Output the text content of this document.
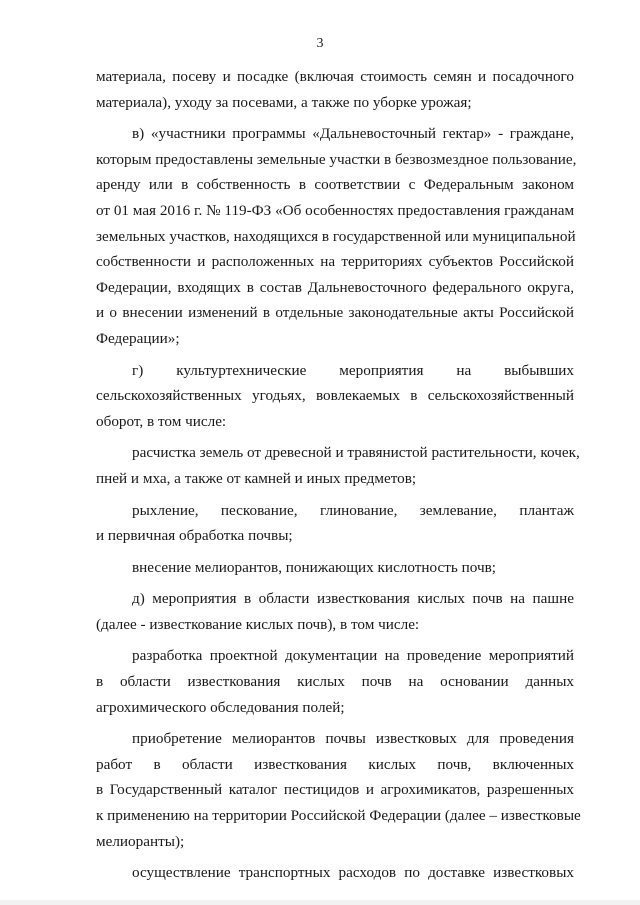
3
материала, посеву и посадке (включая стоимость семян и посадочного
материала), уходу за посевами, а также по уборке урожая;
в) «участники программы «Дальневосточный гектар» - граждане,
которым предоставлены земельные участки в безвозмездное пользование,
аренду или в собственность в соответствии с Федеральным законом
от 01 мая 2016 г. № 119-ФЗ «Об особенностях предоставления гражданам
земельных участков, находящихся в государственной или муниципальной
собственности и расположенных на территориях субъектов Российской
Федерации, входящих в состав Дальневосточного федерального округа,
и о внесении изменений в отдельные законодательные акты Российской
Федерации»;
г) культуртехнические мероприятия на выбывших
сельскохозяйственных угодьях, вовлекаемых в сельскохозяйственный
оборот, в том числе:
расчистка земель от древесной и травянистой растительности, кочек,
пней и мха, а также от камней и иных предметов;
рыхление, пескование, глинование, землевание, плантаж
и первичная обработка почвы;
внесение мелиорантов, понижающих кислотность почв;
д) мероприятия в области известкования кислых почв на пашне
(далее - известкование кислых почв), в том числе:
разработка проектной документации на проведение мероприятий
в области известкования кислых почв на основании данных
агрохимического обследования полей;
приобретение мелиорантов почвы известковых для проведения
работ в области известкования кислых почв, включенных
в Государственный каталог пестицидов и агрохимикатов, разрешенных
к применению на территории Российской Федерации (далее – известковые
мелиоранты);
осуществление транспортных расходов по доставке известковых
